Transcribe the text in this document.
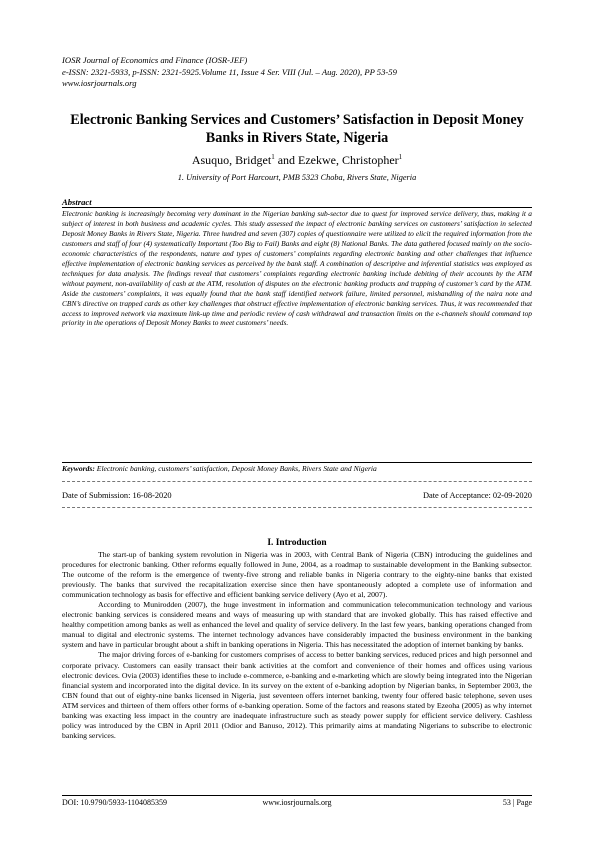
IOSR Journal of Economics and Finance (IOSR-JEF)
e-ISSN: 2321-5933, p-ISSN: 2321-5925.Volume 11, Issue 4 Ser. VIII (Jul. – Aug. 2020), PP 53-59
www.iosrjournals.org
Electronic Banking Services and Customers’ Satisfaction in Deposit Money Banks in Rivers State, Nigeria
Asuquo, Bridget$^1$ and Ezekwe, Christopher$^1$
1. University of Port Harcourt, PMB 5323 Choba, Rivers State, Nigeria
Abstract
Electronic banking is increasingly becoming very dominant in the Nigerian banking sub-sector due to quest for improved service delivery, thus, making it a subject of interest in both business and academic cycles. This study assessed the impact of electronic banking services on customers’ satisfaction in selected Deposit Money Banks in Rivers State, Nigeria. Three hundred and seven (307) copies of questionnaire were utilized to elicit the required information from the customers and staff of four (4) systematically Important (Too Big to Fail) Banks and eight (8) National Banks. The data gathered focused mainly on the socio-economic characteristics of the respondents, nature and types of customers’ complaints regarding electronic banking and other challenges that influence effective implementation of electronic banking services as perceived by the bank staff. A combination of descriptive and inferential statistics was employed as techniques for data analysis. The findings reveal that customers’ complaints regarding electronic banking include debiting of their accounts by the ATM without payment, non-availability of cash at the ATM, resolution of disputes on the electronic banking products and trapping of customer’s card by the ATM. Aside the customers’ complaints, it was equally found that the bank staff identified network failure, limited personnel, mishandling of the naira note and CBN’s directive on trapped cards as other key challenges that obstruct effective implementation of electronic banking services. Thus, it was recommended that access to improved network via maximum link-up time and periodic review of cash withdrawal and transaction limits on the e-channels should command top priority in the operations of Deposit Money Banks to meet customers’ needs.
Keywords: Electronic banking, customers’ satisfaction, Deposit Money Banks, Rivers State and Nigeria
Date of Submission: 16-08-2020	Date of Acceptance: 02-09-2020
I. Introduction

The start-up of banking system revolution in Nigeria was in 2003, with Central Bank of Nigeria (CBN) introducing the guidelines and procedures for electronic banking. Other reforms equally followed in June, 2004, as a roadmap to sustainable development in the Banking subsector. The outcome of the reform is the emergence of twenty-five strong and reliable banks in Nigeria contrary to the eighty-nine banks that existed previously. The banks that survived the recapitalization exercise since then have spontaneously adopted a complete use of information and communication technology as basis for effective and efficient banking service delivery (Ayo et al, 2007).

According to Munirodden (2007), the huge investment in information and communication telecommunication technology and various electronic banking services is considered means and ways of measuring up with standard that are invoked globally. This has raised effective and healthy competition among banks as well as enhanced the level and quality of service delivery. In the last few years, banking operations changed from manual to digital and electronic systems. The internet technology advances have considerably impacted the business environment in the banking system and have in particular brought about a shift in banking operations in Nigeria. This has necessitated the adoption of internet banking by banks.

The major driving forces of e-banking for customers comprises of access to better banking services, reduced prices and high personnel and corporate privacy. Customers can easily transact their bank activities at the comfort and convenience of their homes and offices using various electronic devices. Ovia (2003) identifies these to include e-commerce, e-banking and e-marketing which are slowly being integrated into the Nigerian financial system and incorporated into the digital device. In its survey on the extent of e-banking adoption by Nigerian banks, in September 2003, the CBN found that out of eighty-nine banks licensed in Nigeria, just seventeen offers internet banking, twenty four offered basic telephone, seven uses ATM services and thirteen of them offers other forms of e-banking operation. Some of the factors and reasons stated by Ezeoha (2005) as why internet banking was exacting less impact in the country are inadequate infrastructure such as steady power supply for efficient service delivery. Cashless policy was introduced by the CBN in April 2011 (Odior and Banuso, 2012). This primarily aims at mandating Nigerians to subscribe to electronic banking services.

DOI: 10.9790/5933-1104085359	www.iosrjournals.org	53 | Page
